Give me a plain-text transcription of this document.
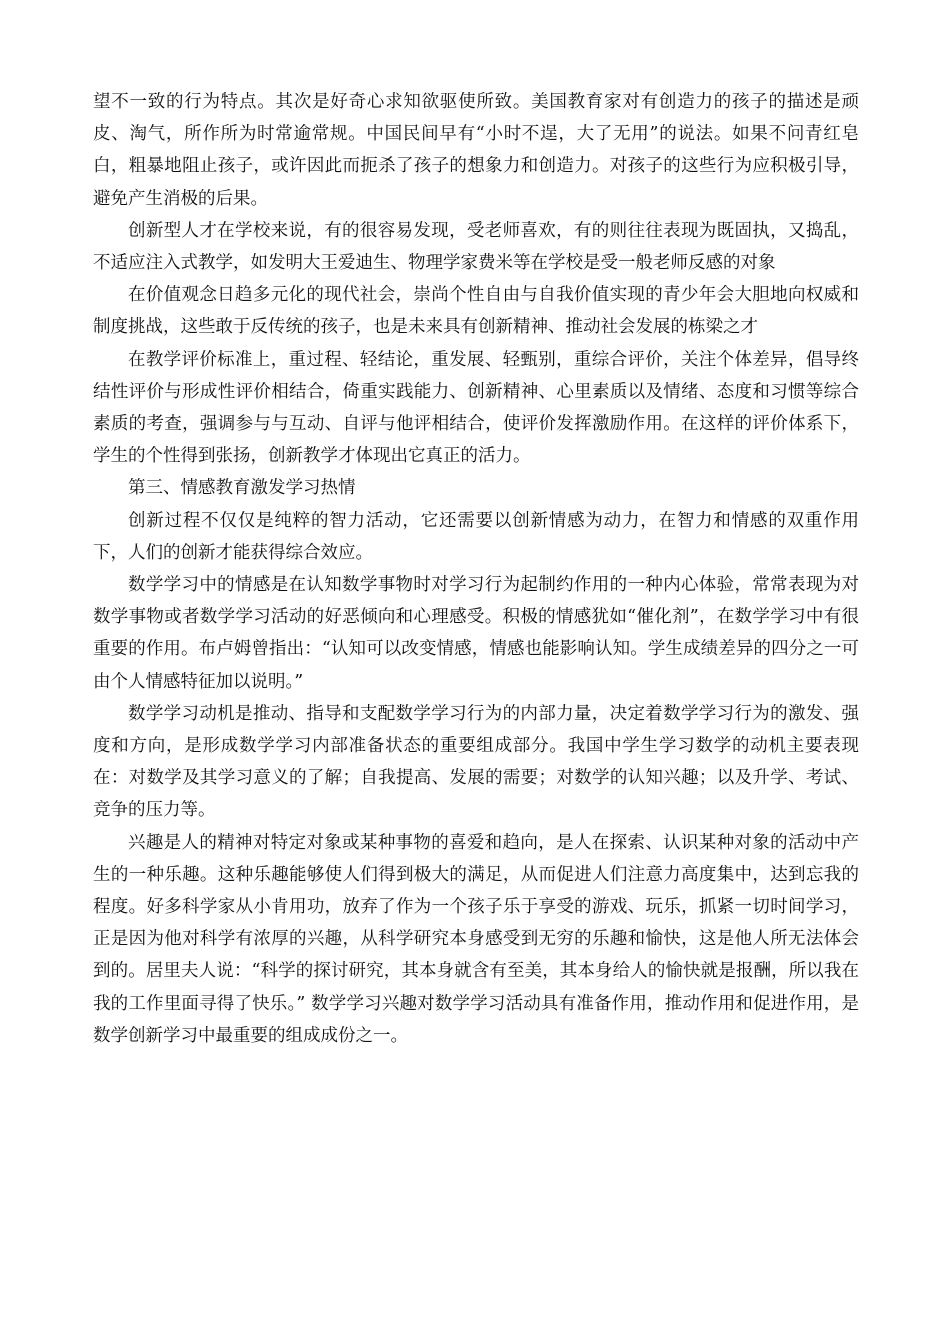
望不一致的行为特点。其次是好奇心求知欲驱使所致。美国教育家对有创造力的孩子的描述是顽皮、淘气，所作所为时常逾常规。中国民间早有“小时不逞，大了无用”的说法。如果不问青红皂白，粗暴地阻止孩子，或许因此而扼杀了孩子的想象力和创造力。对孩子的这些行为应积极引导，避免产生消极的后果。

创新型人才在学校来说，有的很容易发现，受老师喜欢，有的则往往表现为既固执，又捣乱，不适应注入式教学，如发明大王爱迪生、物理学家费米等在学校是受一般老师反感的对象

在价值观念日趋多元化的现代社会，崇尚个性自由与自我价值实现的青少年会大胆地向权威和制度挑战，这些敢于反传统的孩子，也是未来具有创新精神、推动社会发展的栋梁之才

在教学评价标准上，重过程、轻结论，重发展、轻甄别，重综合评价，关注个体差异，倡导终结性评价与形成性评价相结合，倚重实践能力、创新精神、心里素质以及情绪、态度和习惯等综合素质的考查，强调参与与互动、自评与他评相结合，使评价发挥激励作用。在这样的评价体系下，学生的个性得到张扬，创新教学才体现出它真正的活力。

第三、情感教育激发学习热情

创新过程不仅仅是纯粹的智力活动，它还需要以创新情感为动力，在智力和情感的双重作用下，人们的创新才能获得综合效应。

数学学习中的情感是在认知数学事物时对学习行为起制约作用的一种内心体验，常常表现为对数学事物或者数学学习活动的好恶倾向和心理感受。积极的情感犹如“催化剂”，在数学学习中有很重要的作用。布卢姆曾指出：“认知可以改变情感，情感也能影响认知。学生成绩差异的四分之一可由个人情感特征加以说明。”

数学学习动机是推动、指导和支配数学学习行为的内部力量，决定着数学学习行为的激发、强度和方向，是形成数学学习内部准备状态的重要组成部分。我国中学生学习数学的动机主要表现在：对数学及其学习意义的了解；自我提高、发展的需要；对数学的认知兴趣；以及升学、考试、竞争的压力等。

兴趣是人的精神对特定对象或某种事物的喜爱和趋向，是人在探索、认识某种对象的活动中产生的一种乐趣。这种乐趣能够使人们得到极大的满足，从而促进人们注意力高度集中，达到忘我的程度。好多科学家从小肯用功，放弃了作为一个孩子乐于享受的游戏、玩乐，抓紧一切时间学习，正是因为他对科学有浓厚的兴趣，从科学研究本身感受到无穷的乐趣和愉快，这是他人所无法体会到的。居里夫人说：“科学的探讨研究，其本身就含有至美，其本身给人的愉快就是报酬，所以我在我的工作里面寻得了快乐。” 数学学习兴趣对数学学习活动具有准备作用，推动作用和促进作用，是数学创新学习中最重要的组成成份之一。
